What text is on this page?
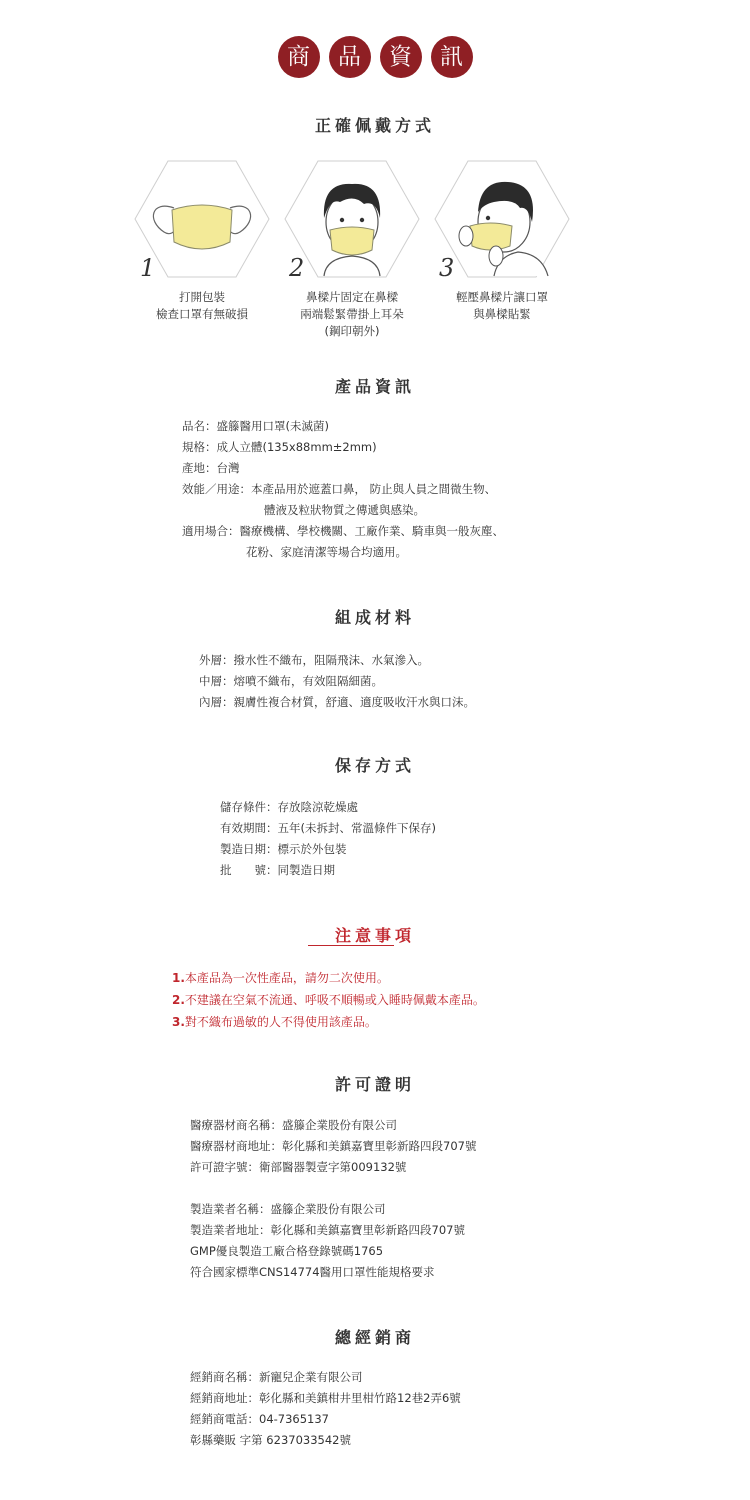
商	品	資	訊
正確佩戴方式
1	2	3
打開包裝
檢查口罩有無破損
鼻樑片固定在鼻樑
兩端鬆緊帶掛上耳朵
(鋼印朝外)
輕壓鼻樑片讓口罩
與鼻樑貼緊
產品資訊
品名：盛籐醫用口罩(未滅菌)
規格：成人立體(135x88mm±2mm)
產地：台灣
效能／用途：本產品用於遮蓋口鼻， 防止與人員之間微生物、
體液及粒狀物質之傳遞與感染。
適用場合：醫療機構、學校機關、工廠作業、騎車與一般灰塵、
花粉、家庭清潔等場合均適用。
組成材料
外層：撥水性不織布，阻隔飛沫、水氣滲入。
中層：熔噴不織布，有效阻隔細菌。
內層：親膚性複合材質，舒適、適度吸收汗水與口沫。
保存方式
儲存條件：存放陰涼乾燥處
有效期間：五年(未拆封、常溫條件下保存)
製造日期：標示於外包裝
批　　號：同製造日期
注意事項
1.本產品為一次性產品，請勿二次使用。
2.不建議在空氣不流通、呼吸不順暢或入睡時佩戴本產品。
3.對不織布過敏的人不得使用該產品。
許可證明
醫療器材商名稱：盛籐企業股份有限公司
醫療器材商地址：彰化縣和美鎮嘉寶里彰新路四段707號
許可證字號：衛部醫器製壹字第009132號
製造業者名稱：盛籐企業股份有限公司
製造業者地址：彰化縣和美鎮嘉寶里彰新路四段707號
GMP優良製造工廠合格登錄號碼1765
符合國家標準CNS14774醫用口罩性能規格要求
總經銷商
經銷商名稱：新寵兒企業有限公司
經銷商地址：彰化縣和美鎮柑井里柑竹路12巷2弄6號
經銷商電話：04-7365137
彰縣藥販 字第 6237033542號
